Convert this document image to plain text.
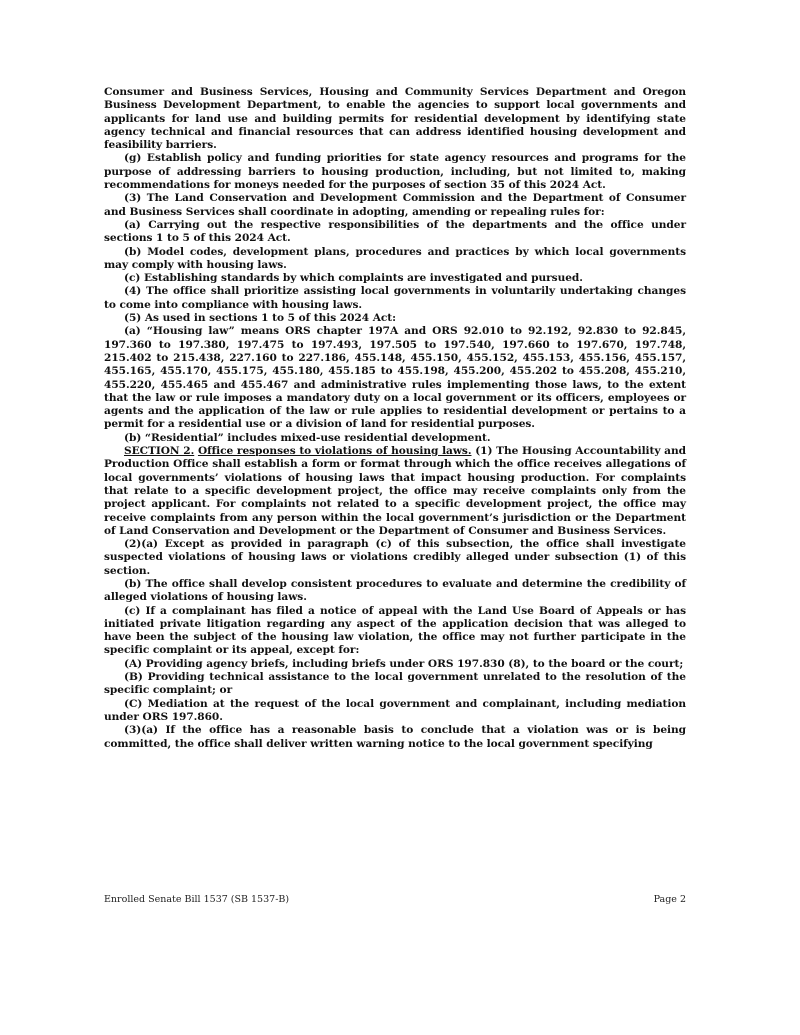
Consumer and Business Services, Housing and Community Services Department and Oregon Business Development Department, to enable the agencies to support local governments and applicants for land use and building permits for residential development by identifying state agency technical and financial resources that can address identified housing development and feasibility barriers.

(g) Establish policy and funding priorities for state agency resources and programs for the purpose of addressing barriers to housing production, including, but not limited to, making recommendations for moneys needed for the purposes of section 35 of this 2024 Act.

(3) The Land Conservation and Development Commission and the Department of Consumer and Business Services shall coordinate in adopting, amending or repealing rules for:

(a) Carrying out the respective responsibilities of the departments and the office under sections 1 to 5 of this 2024 Act.

(b) Model codes, development plans, procedures and practices by which local governments may comply with housing laws.

(c) Establishing standards by which complaints are investigated and pursued.

(4) The office shall prioritize assisting local governments in voluntarily undertaking changes to come into compliance with housing laws.

(5) As used in sections 1 to 5 of this 2024 Act:

(a) “Housing law” means ORS chapter 197A and ORS 92.010 to 92.192, 92.830 to 92.845, 197.360 to 197.380, 197.475 to 197.493, 197.505 to 197.540, 197.660 to 197.670, 197.748, 215.402 to 215.438, 227.160 to 227.186, 455.148, 455.150, 455.152, 455.153, 455.156, 455.157, 455.165, 455.170, 455.175, 455.180, 455.185 to 455.198, 455.200, 455.202 to 455.208, 455.210, 455.220, 455.465 and 455.467 and administrative rules implementing those laws, to the extent that the law or rule imposes a mandatory duty on a local government or its officers, employees or agents and the application of the law or rule applies to residential development or pertains to a permit for a residential use or a division of land for residential purposes.

(b) “Residential” includes mixed-use residential development.

SECTION 2. Office responses to violations of housing laws. (1) The Housing Accountability and Production Office shall establish a form or format through which the office receives allegations of local governments’ violations of housing laws that impact housing production. For complaints that relate to a specific development project, the office may receive complaints only from the project applicant. For complaints not related to a specific development project, the office may receive complaints from any person within the local government’s jurisdiction or the Department of Land Conservation and Development or the Department of Consumer and Business Services.

(2)(a) Except as provided in paragraph (c) of this subsection, the office shall investigate suspected violations of housing laws or violations credibly alleged under subsection (1) of this section.

(b) The office shall develop consistent procedures to evaluate and determine the credibility of alleged violations of housing laws.

(c) If a complainant has filed a notice of appeal with the Land Use Board of Appeals or has initiated private litigation regarding any aspect of the application decision that was alleged to have been the subject of the housing law violation, the office may not further participate in the specific complaint or its appeal, except for:

(A) Providing agency briefs, including briefs under ORS 197.830 (8), to the board or the court;

(B) Providing technical assistance to the local government unrelated to the resolution of the specific complaint; or

(C) Mediation at the request of the local government and complainant, including mediation under ORS 197.860.

(3)(a) If the office has a reasonable basis to conclude that a violation was or is being committed, the office shall deliver written warning notice to the local government specifying

Enrolled Senate Bill 1537 (SB 1537-B)	Page 2
